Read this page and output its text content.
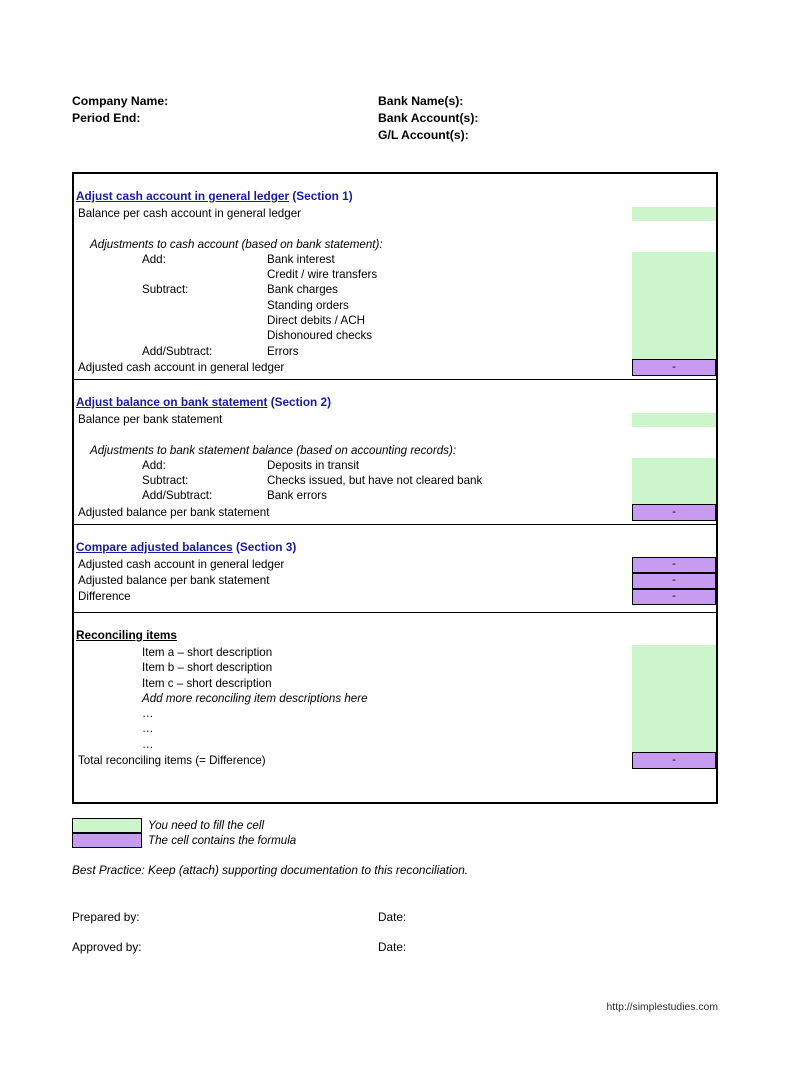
Company Name:
Period End:
Bank Name(s):
Bank Account(s):
G/L Account(s):
Adjust cash account in general ledger (Section 1)
Balance per cash account in general ledger
Adjustments to cash account (based on bank statement):
Add:	Bank interest
Credit / wire transfers
Subtract:	Bank charges
Standing orders
Direct debits / ACH
Dishonoured checks
Add/Subtract:	Errors
Adjusted cash account in general ledger	-
Adjust balance on bank statement (Section 2)
Balance per bank statement
Adjustments to bank statement balance (based on accounting records):
Add:	Deposits in transit
Subtract:	Checks issued, but have not cleared bank
Add/Subtract:	Bank errors
Adjusted balance per bank statement	-
Compare adjusted balances (Section 3)
Adjusted cash account in general ledger	-
Adjusted balance per bank statement	-
Difference	-
Reconciling items
Item a – short description
Item b – short description
Item c – short description
Add more reconciling item descriptions here
…
…
…
Total reconciling items (= Difference)	-
You need to fill the cell
The cell contains the formula
Best Practice: Keep (attach) supporting documentation to this reconciliation.
Prepared by:	Date:
Approved by:	Date:
http://simplestudies.com
